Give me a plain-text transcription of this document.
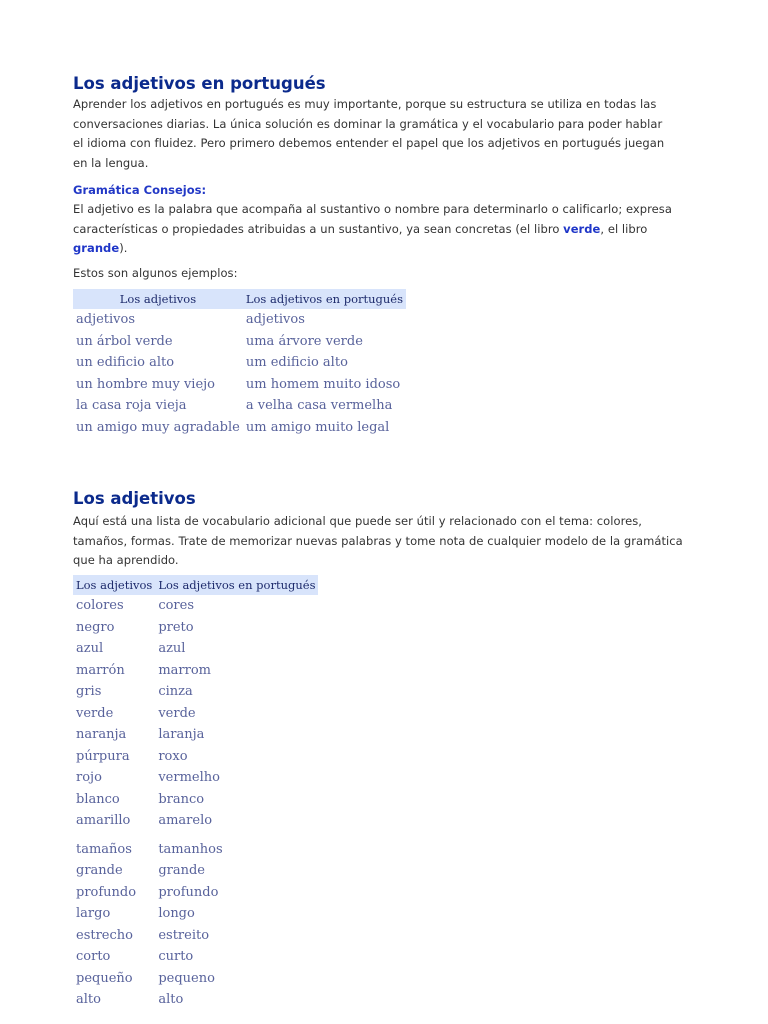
Los adjetivos en portugués

Aprender los adjetivos en portugués es muy importante, porque su estructura se utiliza en todas las conversaciones diarias. La única solución es dominar la gramática y el vocabulario para poder hablar el idioma con fluidez. Pero primero debemos entender el papel que los adjetivos en portugués juegan en la lengua.

Gramática Consejos:

El adjetivo es la palabra que acompaña al sustantivo o nombre para determinarlo o calificarlo; expresa características o propiedades atribuidas a un sustantivo, ya sean concretas (el libro verde, el libro grande).

Estos son algunos ejemplos:

Los adjetivos	Los adjetivos en portugués
adjetivos	adjetivos
un árbol verde	uma árvore verde
un edificio alto	um edificio alto
un hombre muy viejo	um homem muito idoso
la casa roja vieja	a velha casa vermelha
un amigo muy agradable	um amigo muito legal
Los adjetivos

Aquí está una lista de vocabulario adicional que puede ser útil y relacionado con el tema: colores, tamaños, formas. Trate de memorizar nuevas palabras y tome nota de cualquier modelo de la gramática que ha aprendido.

Los adjetivos	Los adjetivos en portugués
colores	cores
negro	preto
azul	azul
marrón	marrom
gris	cinza
verde	verde
naranja	laranja
púrpura	roxo
rojo	vermelho
blanco	branco
amarillo	amarelo
tamaños	tamanhos
grande	grande
profundo	profundo
largo	longo
estrecho	estreito
corto	curto
pequeño	pequeno
alto	alto
